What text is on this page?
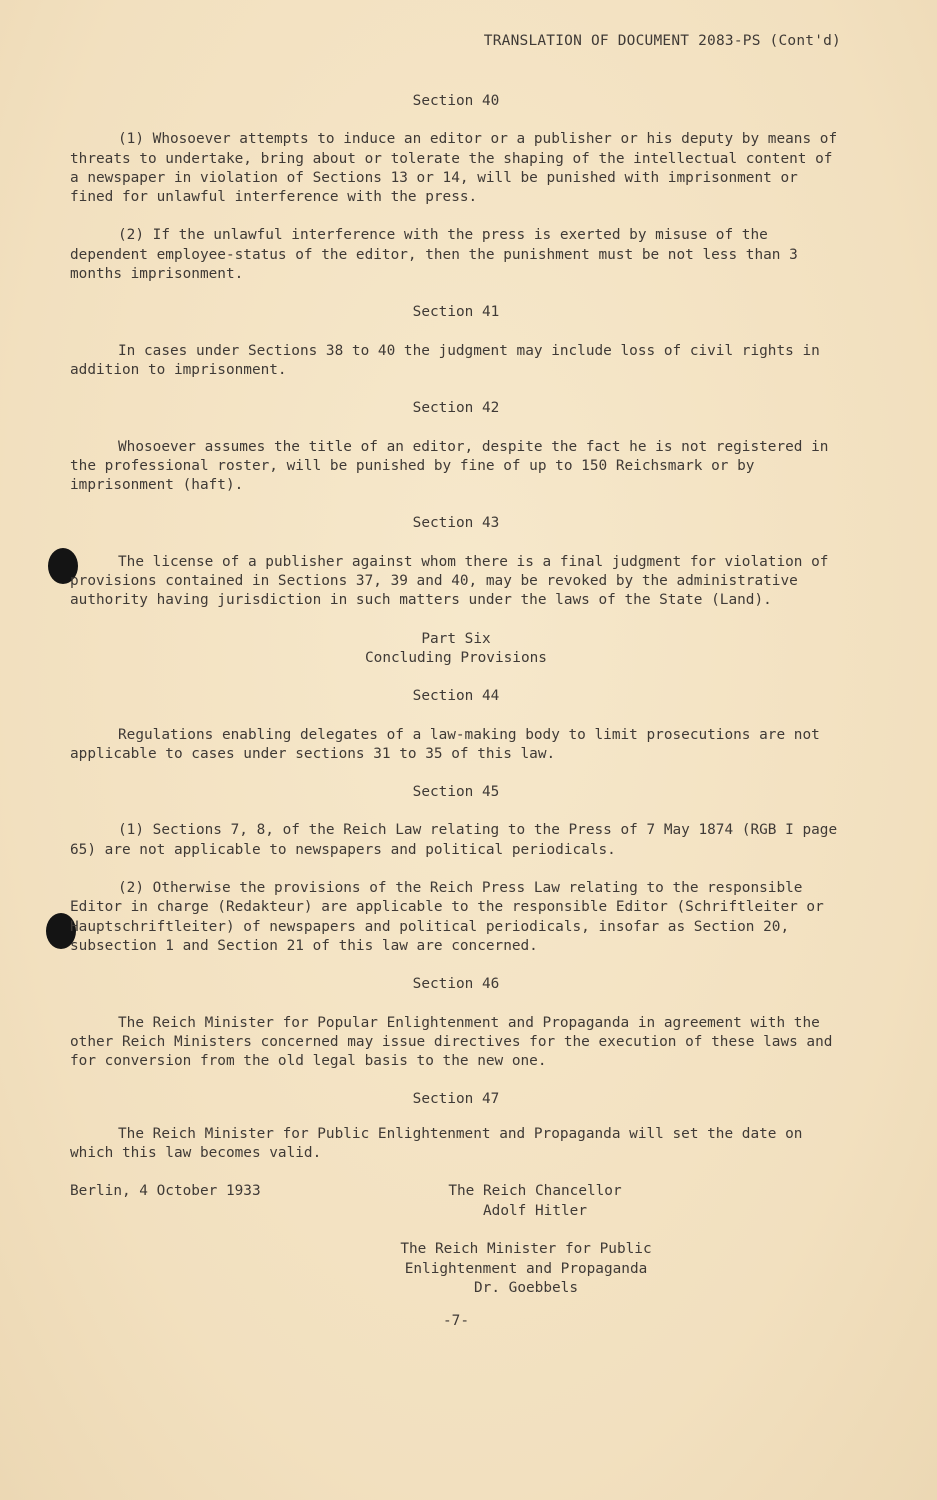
TRANSLATION OF DOCUMENT 2083-PS (Cont'd)

Section 40

(1) Whosoever attempts to induce an editor or a publisher or his deputy by means of threats to undertake, bring about or tolerate the shaping of the intellectual content of a newspaper in violation of Sections 13 or 14, will be punished with imprisonment or fined for unlawful interference with the press.

(2) If the unlawful interference with the press is exerted by misuse of the dependent employee-status of the editor, then the punishment must be not less than 3 months imprisonment.

Section 41

In cases under Sections 38 to 40 the judgment may include loss of civil rights in addition to imprisonment.

Section 42

Whosoever assumes the title of an editor, despite the fact he is not registered in the professional roster, will be punished by fine of up to 150 Reichsmark or by imprisonment (haft).

Section 43

The license of a publisher against whom there is a final judgment for violation of provisions contained in Sections 37, 39 and 40, may be revoked by the administrative authority having jurisdiction in such matters under the laws of the State (Land).

Part Six

Concluding Provisions

Section 44

Regulations enabling delegates of a law-making body to limit prosecutions are not applicable to cases under sections 31 to 35 of this law.

Section 45

(1) Sections 7, 8, of the Reich Law relating to the Press of 7 May 1874 (RGB I page 65) are not applicable to newspapers and political periodicals.

(2) Otherwise the provisions of the Reich Press Law relating to the responsible Editor in charge (Redakteur) are applicable to the responsible Editor (Schriftleiter or Hauptschriftleiter) of newspapers and political periodicals, insofar as Section 20, subsection 1 and Section 21 of this law are concerned.

Section 46

The Reich Minister for Popular Enlightenment and Propaganda in agreement with the other Reich Ministers concerned may issue directives for the execution of these laws and for conversion from the old legal basis to the new one.

Section 47

The Reich Minister for Public Enlightenment and Propaganda will set the date on which this law becomes valid.

Berlin, 4 October 1933	The Reich Chancellor
Adolf Hitler
The Reich Minister for Public
Enlightenment and Propaganda
Dr. Goebbels
-7-
